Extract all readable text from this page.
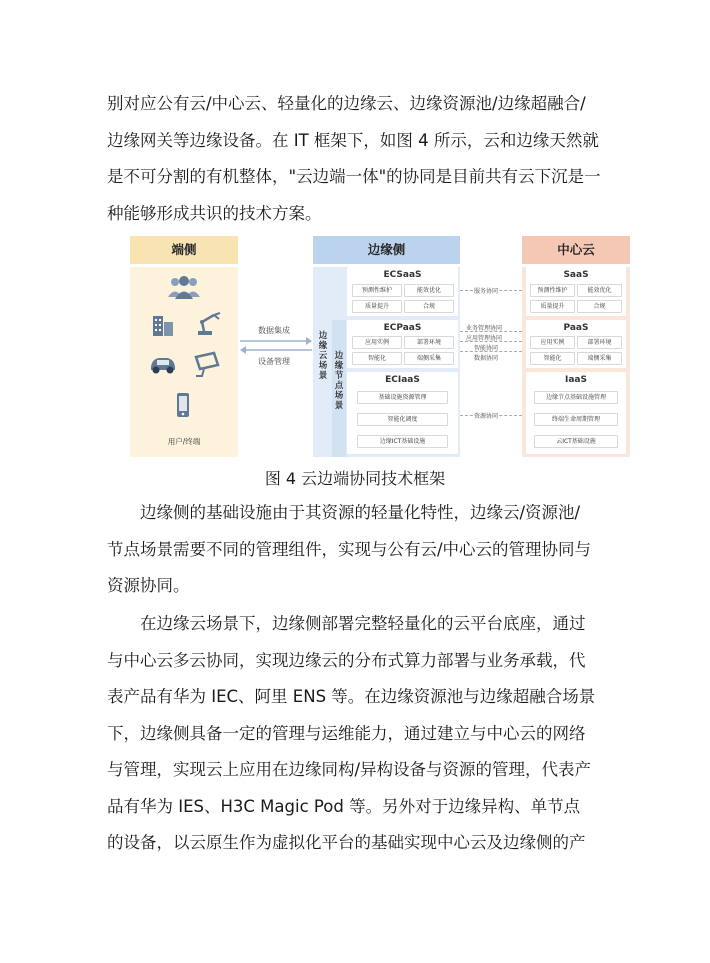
别对应公有云/中心云、轻量化的边缘云、边缘资源池/边缘超融合/
边缘网关等边缘设备。在 IT 框架下，如图 4 所示，云和边缘天然就
是不可分割的有机整体，"云边端一体"的协同是目前共有云下沉是一
种能够形成共识的技术方案。
端侧
用户/终端
数据集成
设备管理
边缘侧
边缘云场景
边缘节点场景
ECSaaS
预测性维护	能效优化
质量提升	合规
ECPaaS
应用实例	部署环境
智能化	端侧采集
ECIaaS
基础设施资源管理
智能化调度
边缘ICT基础设施
服务协同
业务管理协同
应用管理协同
智能协同
数据协同
资源协同
中心云
SaaS
预测性维护	能效优化
质量提升	合规
PaaS
应用实例	部署环境
智能化	端侧采集
IaaS
边缘节点基础设施管理
终端生命周期管理
云ICT基础设施
图 4 云边端协同技术框架
边缘侧的基础设施由于其资源的轻量化特性，边缘云/资源池/
节点场景需要不同的管理组件，实现与公有云/中心云的管理协同与
资源协同。
在边缘云场景下，边缘侧部署完整轻量化的云平台底座，通过
与中心云多云协同，实现边缘云的分布式算力部署与业务承载，代
表产品有华为 IEC、阿里 ENS 等。在边缘资源池与边缘超融合场景
下，边缘侧具备一定的管理与运维能力，通过建立与中心云的网络
与管理，实现云上应用在边缘同构/异构设备与资源的管理，代表产
品有华为 IES、H3C Magic Pod 等。另外对于边缘异构、单节点
的设备，以云原生作为虚拟化平台的基础实现中心云及边缘侧的产
